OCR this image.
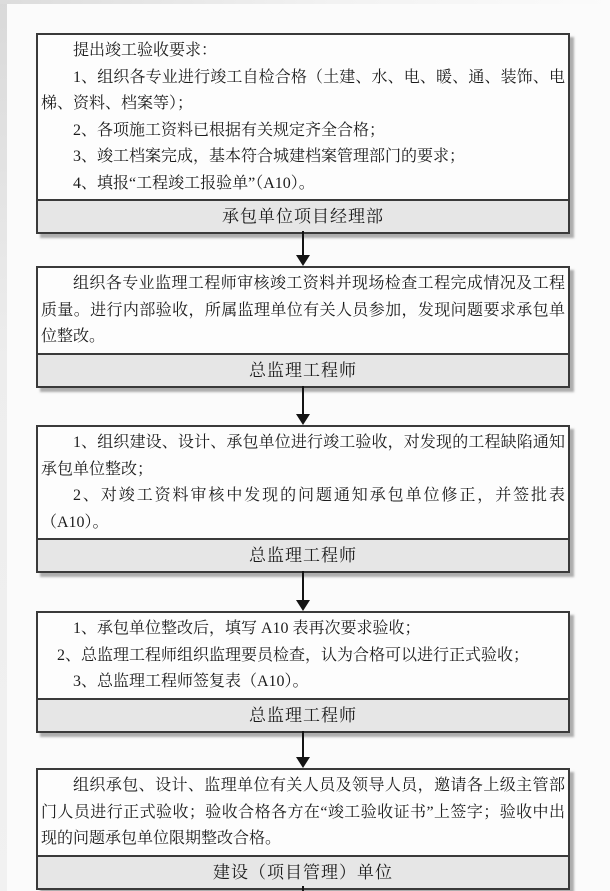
提出竣工验收要求：

1、组织各专业进行竣工自检合格（土建、水、电、暖、通、装饰、电梯、资料、档案等）；

2、各项施工资料已根据有关规定齐全合格；

3、竣工档案完成，基本符合城建档案管理部门的要求；

4、填报“工程竣工报验单”（A10）。

承包单位项目经理部

组织各专业监理工程师审核竣工资料并现场检查工程完成情况及工程质量。进行内部验收，所属监理单位有关人员参加，发现问题要求承包单位整改。

总监理工程师

1、组织建设、设计、承包单位进行竣工验收，对发现的工程缺陷通知承包单位整改；

2、对竣工资料审核中发现的问题通知承包单位修正，并签批表（A10）。

总监理工程师

1、承包单位整改后，填写 A10 表再次要求验收；

2、总监理工程师组织监理要员检查，认为合格可以进行正式验收；

3、总监理工程师签复表（A10）。

总监理工程师

组织承包、设计、监理单位有关人员及领导人员，邀请各上级主管部门人员进行正式验收；验收合格各方在“竣工验收证书”上签字；验收中出现的问题承包单位限期整改合格。

建设（项目管理）单位
